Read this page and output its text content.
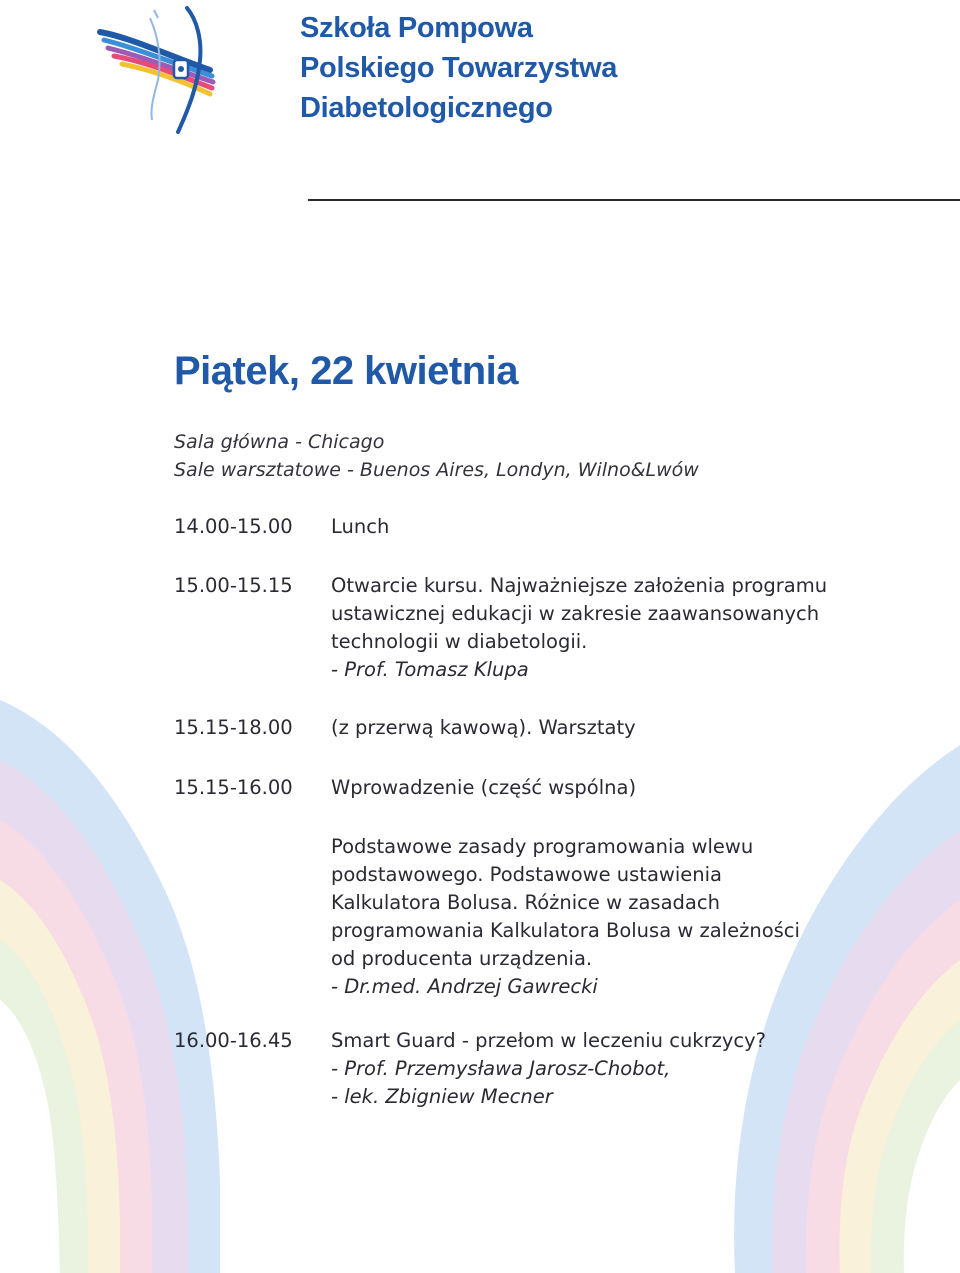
Szkoła Pompowa
Polskiego Towarzystwa
Diabetologicznego
Piątek, 22 kwietnia
Sala główna - Chicago
Sale warsztatowe - Buenos Aires, Londyn, Wilno&Lwów
14.00-15.00 Lunch
15.00-15.15 Otwarcie kursu. Najważniejsze założenia programu
ustawicznej edukacji w zakresie zaawansowanych
technologii w diabetologii.
- Prof. Tomasz Klupa
15.15-18.00 (z przerwą kawową). Warsztaty
15.15-16.00 Wprowadzenie (część wspólna)
Podstawowe zasady programowania wlewu
podstawowego. Podstawowe ustawienia
Kalkulatora Bolusa. Różnice w zasadach
programowania Kalkulatora Bolusa w zależności
od producenta urządzenia.
- Dr.med. Andrzej Gawrecki
16.00-16.45 Smart Guard - przełom w leczeniu cukrzycy?
- Prof. Przemysława Jarosz-Chobot,
- lek. Zbigniew Mecner
